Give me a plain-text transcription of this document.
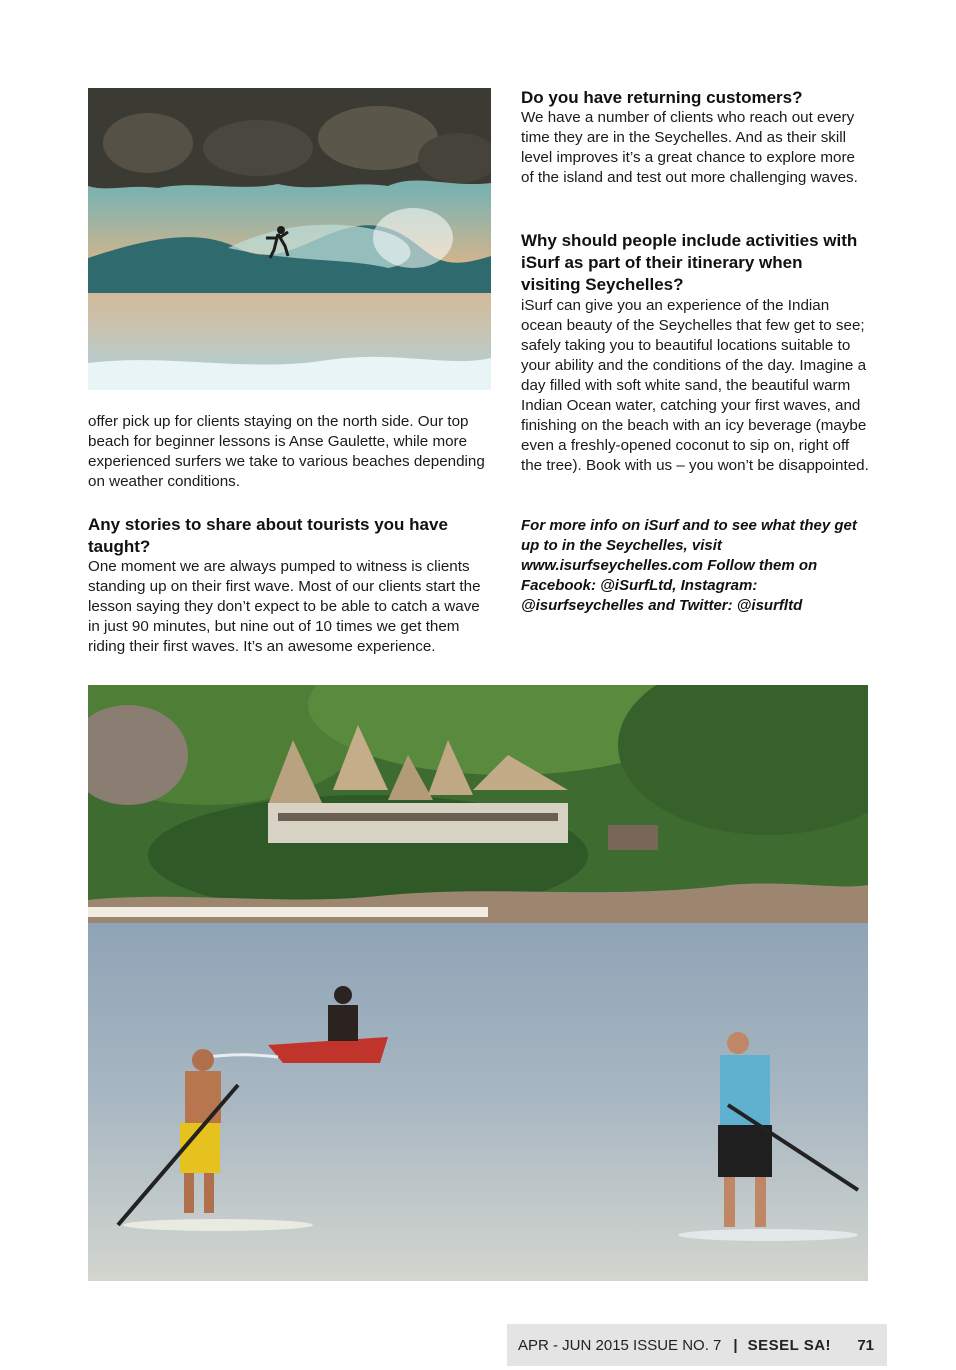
offer pick up for clients staying on the north side. Our top beach for beginner lessons is Anse Gaulette, while more experienced surfers we take to various beaches depending on weather conditions.

Any stories to share about tourists you have taught?

One moment we are always pumped to witness is clients standing up on their first wave. Most of our clients start the lesson saying they don’t expect to be able to catch a wave in just 90 minutes, but nine out of 10 times we get them riding their first waves. It’s an awesome experience.

Do you have returning customers?

We have a number of clients who reach out every time they are in the Seychelles. And as their skill level improves it’s a great chance to explore more of the island and test out more challenging waves.

Why should people include activities with iSurf as part of their itinerary when visiting Seychelles?

iSurf can give you an experience of the Indian ocean beauty of the Seychelles that few get to see; safely taking you to beautiful locations suitable to your ability and the conditions of the day. Imagine a day filled with soft white sand, the beautiful warm Indian Ocean water, catching your first waves, and finishing on the beach with an icy beverage (maybe even a freshly-opened coconut to sip on, right off the tree). Book with us – you won’t be disappointed.

For more info on iSurf and to see what they get up to in the Seychelles, visit www.isurfseychelles.com Follow them on Facebook: @iSurfLtd, Instagram: @isurfseychelles and Twitter: @isurfltd

APR - JUN 2015 ISSUE NO. 7 | SESEL SA! 71
